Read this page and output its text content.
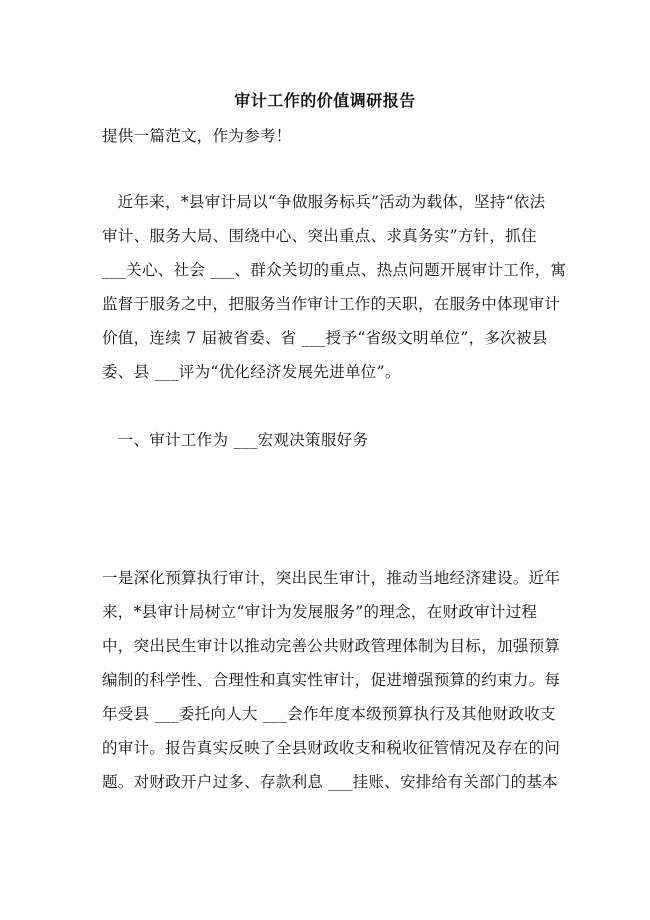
审计工作的价值调研报告
提供一篇范文，作为参考！
近年来，*县审计局以“争做服务标兵”活动为载体，坚持“依法
审计、服务大局、围绕中心、突出重点、求真务实”方针，抓住
___关心、社会 ___、群众关切的重点、热点问题开展审计工作，寓
监督于服务之中，把服务当作审计工作的天职，在服务中体现审计
价值，连续 7 届被省委、省 ___授予“省级文明单位”，多次被县
委、县 ___评为“优化经济发展先进单位”。
一、审计工作为 ___宏观决策服好务
一是深化预算执行审计，突出民生审计，推动当地经济建设。近年
来，*县审计局树立“审计为发展服务”的理念，在财政审计过程
中，突出民生审计以推动完善公共财政管理体制为目标，加强预算
编制的科学性、合理性和真实性审计，促进增强预算的约束力。每
年受县 ___委托向人大 ___会作年度本级预算执行及其他财政收支
的审计。报告真实反映了全县财政收支和税收征管情况及存在的问
题。对财政开户过多、存款利息 ___挂账、安排给有关部门的基本
